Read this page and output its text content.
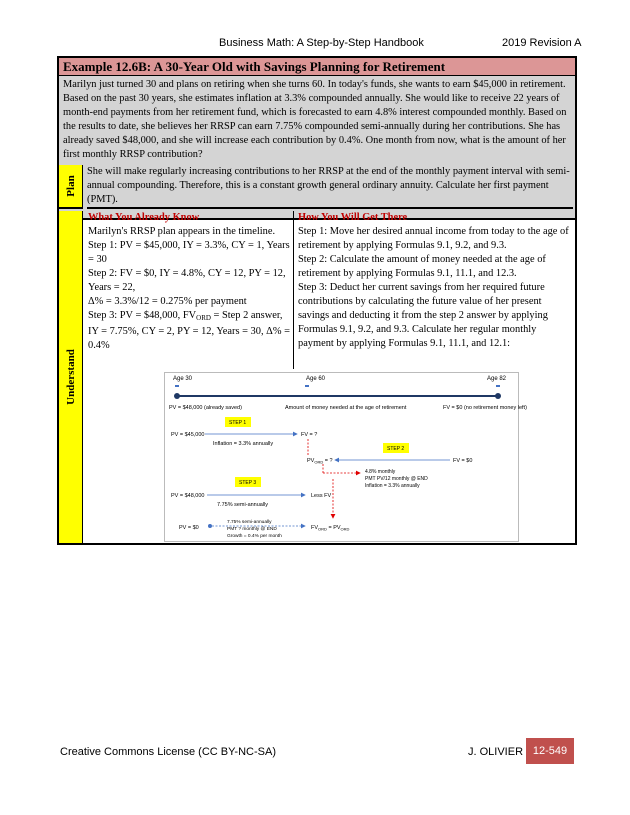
Business Math: A Step-by-Step Handbook	2019 Revision A
Example 12.6B: A 30-Year Old with Savings Planning for Retirement
Marilyn just turned 30 and plans on retiring when she turns 60. In today's funds, she wants to earn $45,000 in retirement. Based on the past 30 years, she estimates inflation at 3.3% compounded annually. She would like to receive 22 years of month-end payments from her retirement fund, which is forecasted to earn 4.8% interest compounded monthly. Based on the results to date, she believes her RRSP can earn 7.75% compounded semi-annually during her contributions. She has already saved $48,000, and she will increase each contribution by 0.4%. One month from now, what is the amount of her first monthly RRSP contribution?
Plan
She will make regularly increasing contributions to her RRSP at the end of the monthly payment interval with semi-annual compounding. Therefore, this is a constant growth general ordinary annuity. Calculate her first payment (PMT).
Understand
What You Already Know
Marilyn's RRSP plan appears in the timeline.
Step 1: PV = $45,000, IY = 3.3%, CY = 1, Years = 30
Step 2: FV = $0, IY = 4.8%, CY = 12, PY = 12, Years = 22,
Δ% = 3.3%/12 = 0.275% per payment
Step 3: PV = $48,000, $FV_{ORD}$ = Step 2 answer, IY = 7.75%, CY = 2, PY = 12, Years = 30, Δ% = 0.4%
How You Will Get There
Step 1: Move her desired annual income from today to the age of retirement by applying Formulas 9.1, 9.2, and 9.3.
Step 2: Calculate the amount of money needed at the age of retirement by applying Formulas 9.1, 11.1, and 12.3.
Step 3: Deduct her current savings from her required future contributions by calculating the future value of her present savings and deducting it from the step 2 answer by applying Formulas 9.1, 9.2, and 9.3. Calculate her regular monthly payment by applying Formulas 9.1, 11.1, and 12.1:
Age 30	Age 60	Age 82
PV = $48,000 (already saved)	Amount of money needed at the age of retirement	FV = $0 (no retirement money left)
STEP 1
PV = $45,000	FV = ?
Inflation = 3.3% annually
STEP 2
$PV_{ORD}$ = ?	FV = $0
4.8% monthly
PMT PV/12 monthly @ END
Inflation = 3.3% annually
STEP 3
PV = $48,000	Less FV
7.75% semi-annually
PV = $0	$FV_{ORD} = PV_{ORD}$
7.75% semi-annually
PMT ? monthly @ END
Growth = 0.4% per month
Creative Commons License (CC BY-NC-SA)	J. OLIVIER 12-549
